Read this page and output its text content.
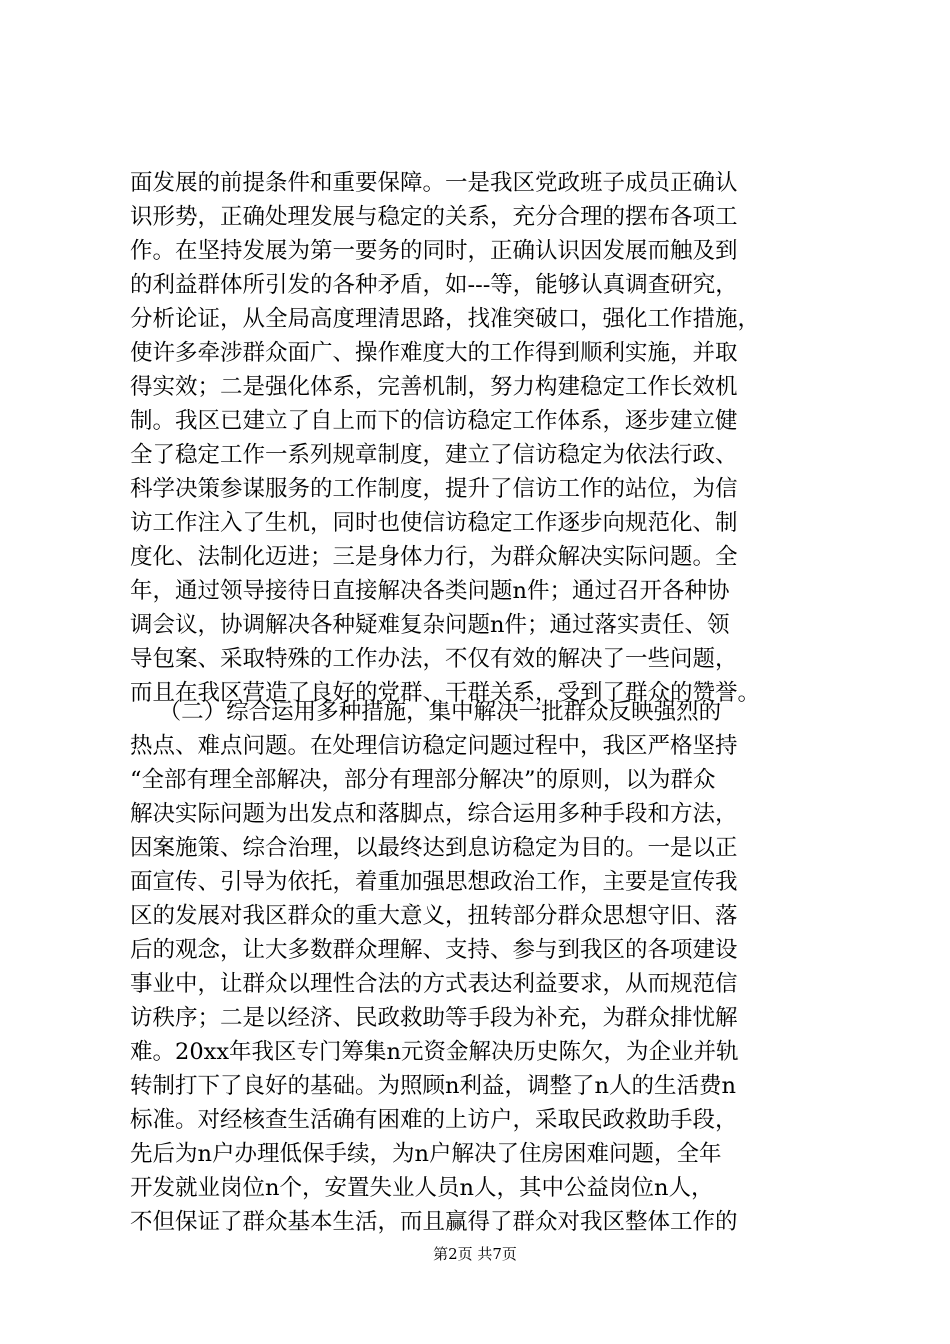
面发展的前提条件和重要保障。一是我区党政班子成员正确认
识形势，正确处理发展与稳定的关系，充分合理的摆布各项工
作。在坚持发展为第一要务的同时，正确认识因发展而触及到
的利益群体所引发的各种矛盾，如---等，能够认真调查研究，
分析论证，从全局高度理清思路，找准突破口，强化工作措施，
使许多牵涉群众面广、操作难度大的工作得到顺利实施，并取
得实效；二是强化体系，完善机制，努力构建稳定工作长效机
制。我区已建立了自上而下的信访稳定工作体系，逐步建立健
全了稳定工作一系列规章制度，建立了信访稳定为依法行政、
科学决策参谋服务的工作制度，提升了信访工作的站位，为信
访工作注入了生机，同时也使信访稳定工作逐步向规范化、制
度化、法制化迈进；三是身体力行，为群众解决实际问题。全
年，通过领导接待日直接解决各类问题n件；通过召开各种协
调会议，协调解决各种疑难复杂问题n件；通过落实责任、领
导包案、采取特殊的工作办法，不仅有效的解决了一些问题，
而且在我区营造了良好的党群、干群关系，受到了群众的赞誉。
（二）综合运用多种措施，集中解决一批群众反映强烈的
热点、难点问题。在处理信访稳定问题过程中，我区严格坚持
“全部有理全部解决，部分有理部分解决”的原则，以为群众
解决实际问题为出发点和落脚点，综合运用多种手段和方法，
因案施策、综合治理，以最终达到息访稳定为目的。一是以正
面宣传、引导为依托，着重加强思想政治工作，主要是宣传我
区的发展对我区群众的重大意义，扭转部分群众思想守旧、落
后的观念，让大多数群众理解、支持、参与到我区的各项建设
事业中，让群众以理性合法的方式表达利益要求，从而规范信
访秩序；二是以经济、民政救助等手段为补充，为群众排忧解
难。20xx年我区专门筹集n元资金解决历史陈欠，为企业并轨
转制打下了良好的基础。为照顾n利益，调整了n人的生活费n
标准。对经核查生活确有困难的上访户，采取民政救助手段，
先后为n户办理低保手续，为n户解决了住房困难问题，全年
开发就业岗位n个，安置失业人员n人，其中公益岗位n人，
不但保证了群众基本生活，而且赢得了群众对我区整体工作的
第2页 共7页
